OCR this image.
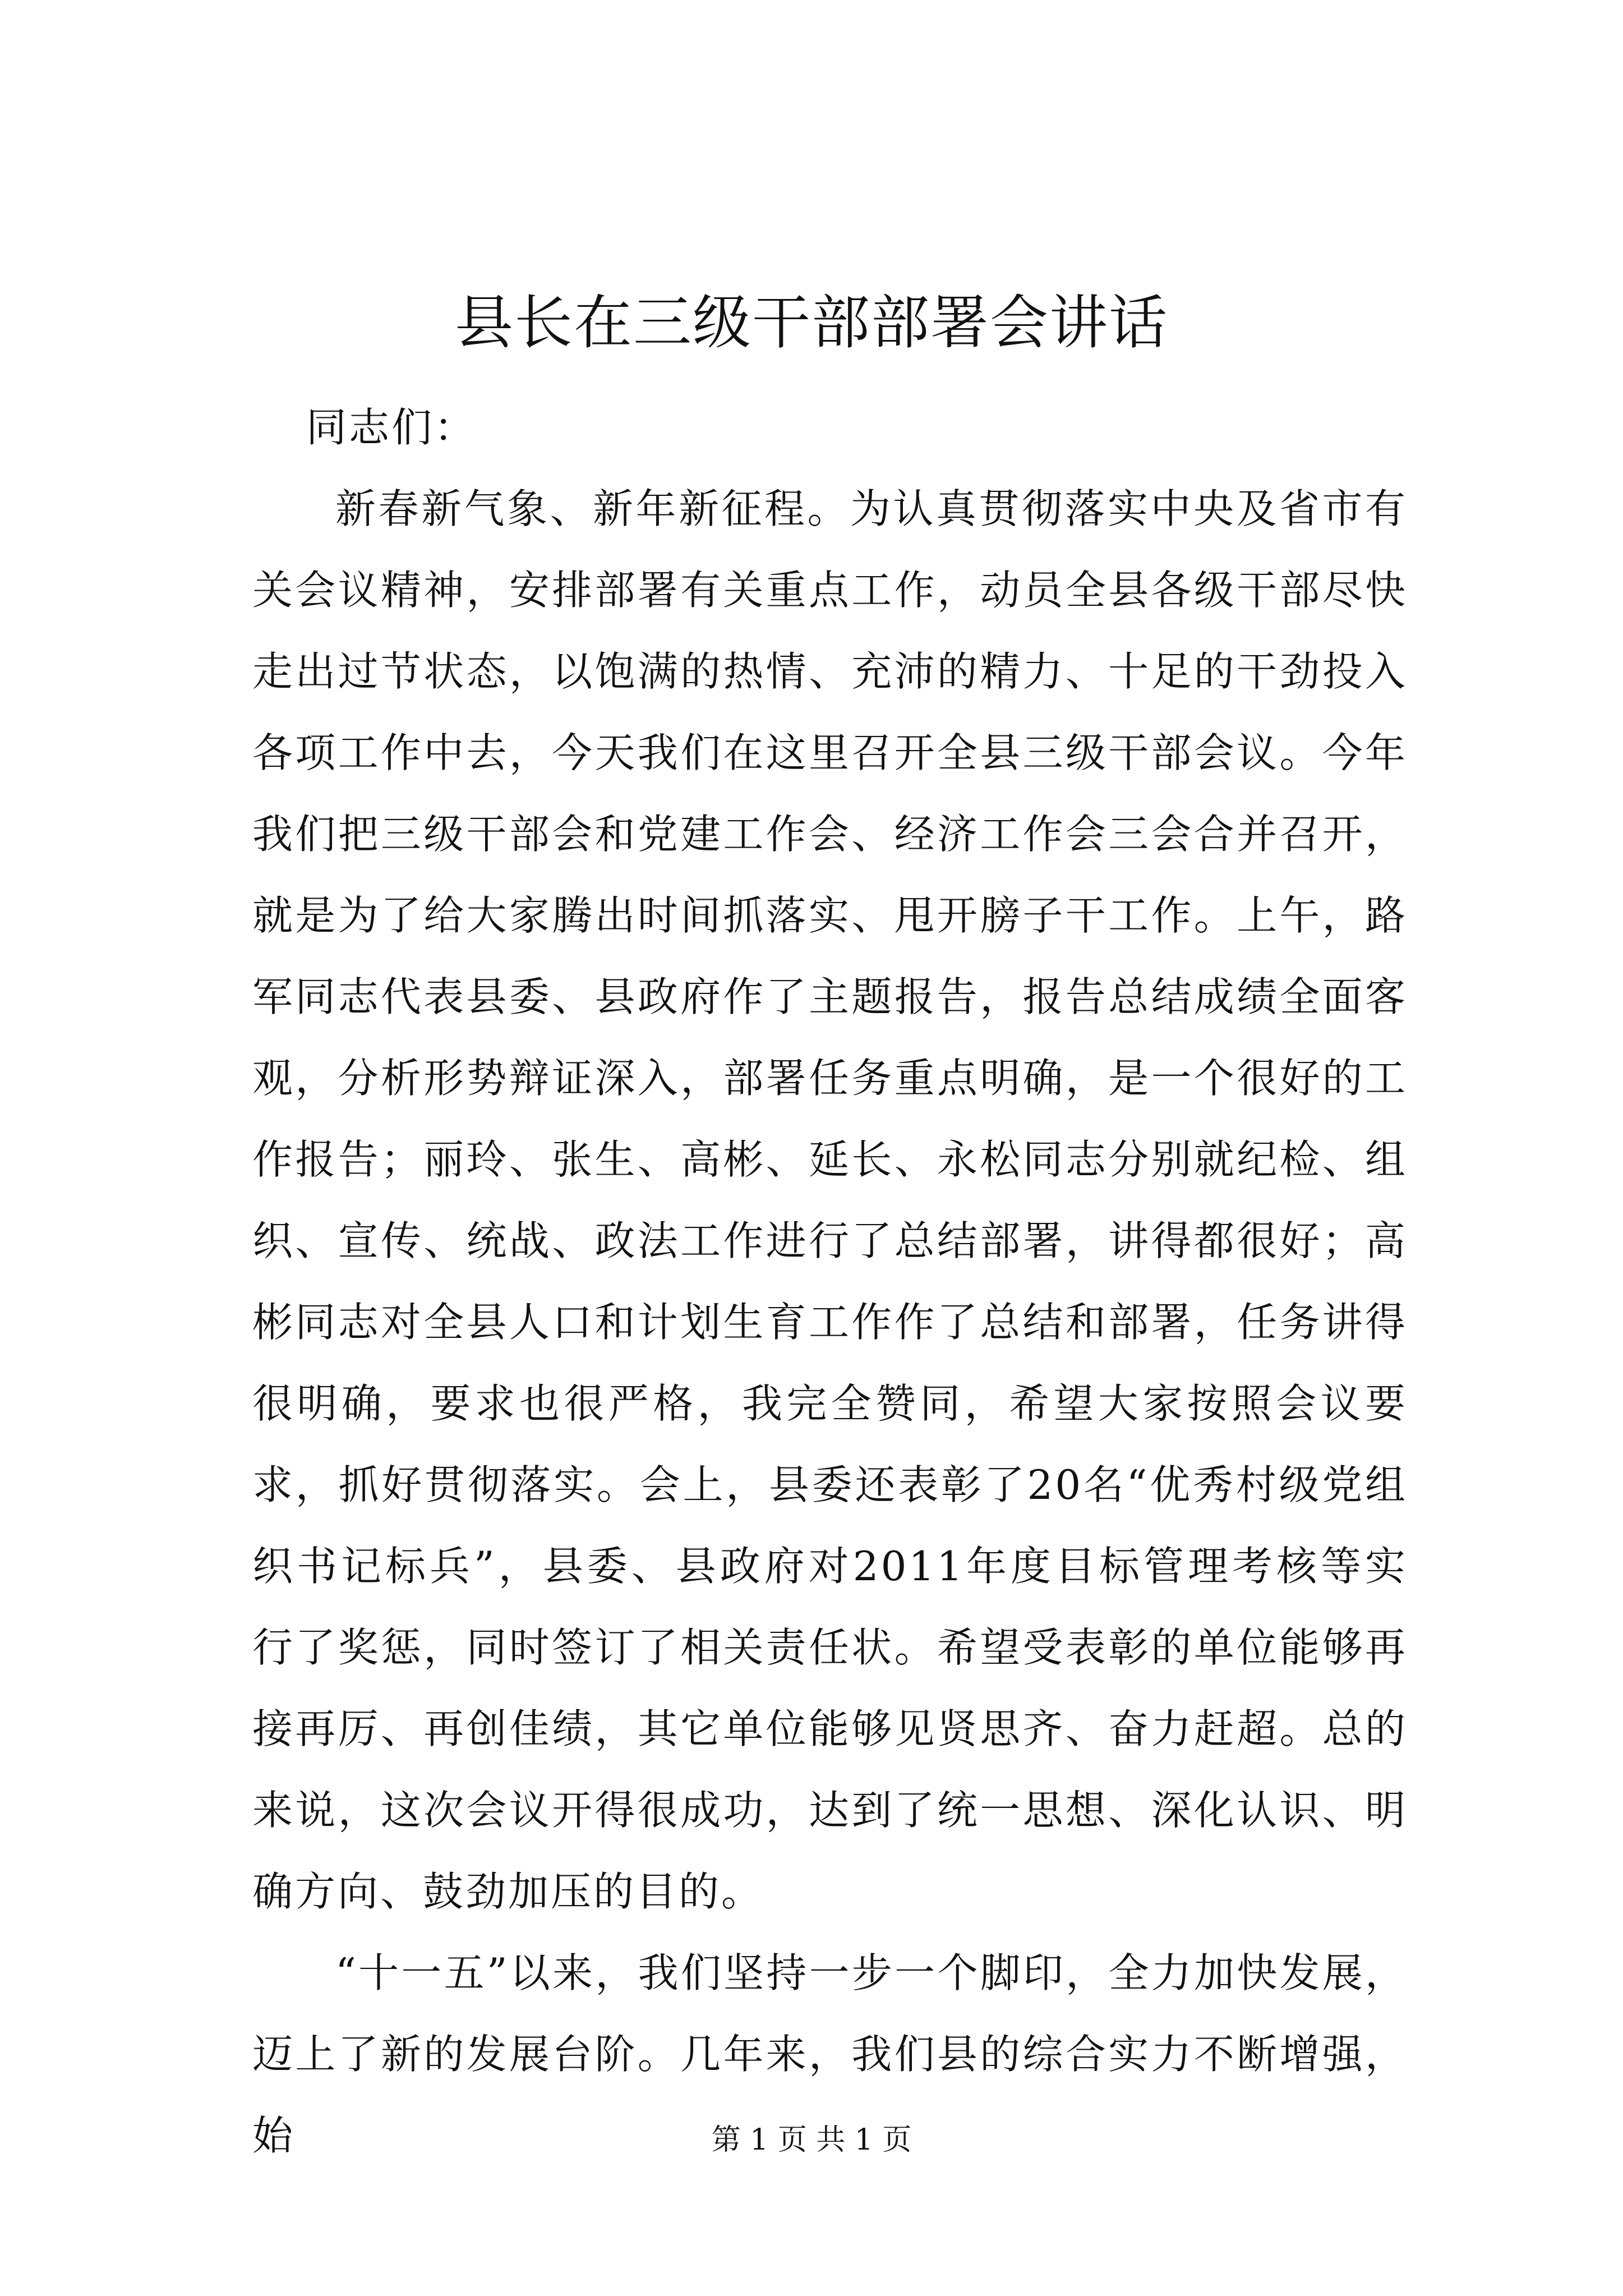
县长在三级干部部署会讲话

同志们：

新春新气象、新年新征程。为认真贯彻落实中央及省市有关会议精神，安排部署有关重点工作，动员全县各级干部尽快走出过节状态，以饱满的热情、充沛的精力、十足的干劲投入各项工作中去，今天我们在这里召开全县三级干部会议。今年我们把三级干部会和党建工作会、经济工作会三会合并召开，就是为了给大家腾出时间抓落实、甩开膀子干工作。上午，路军同志代表县委、县政府作了主题报告，报告总结成绩全面客观，分析形势辩证深入，部署任务重点明确，是一个很好的工作报告；丽玲、张生、高彬、延长、永松同志分别就纪检、组织、宣传、统战、政法工作进行了总结部署，讲得都很好；高彬同志对全县人口和计划生育工作作了总结和部署，任务讲得很明确，要求也很严格，我完全赞同，希望大家按照会议要求，抓好贯彻落实。会上，县委还表彰了20名“优秀村级党组织书记标兵”，县委、县政府对2011年度目标管理考核等实行了奖惩，同时签订了相关责任状。希望受表彰的单位能够再接再厉、再创佳绩，其它单位能够见贤思齐、奋力赶超。总的来说，这次会议开得很成功，达到了统一思想、深化认识、明确方向、鼓劲加压的目的。

“十一五”以来，我们坚持一步一个脚印，全力加快发展，迈上了新的发展台阶。几年来，我们县的综合实力不断增强，始	第 1 页 共 1 页
